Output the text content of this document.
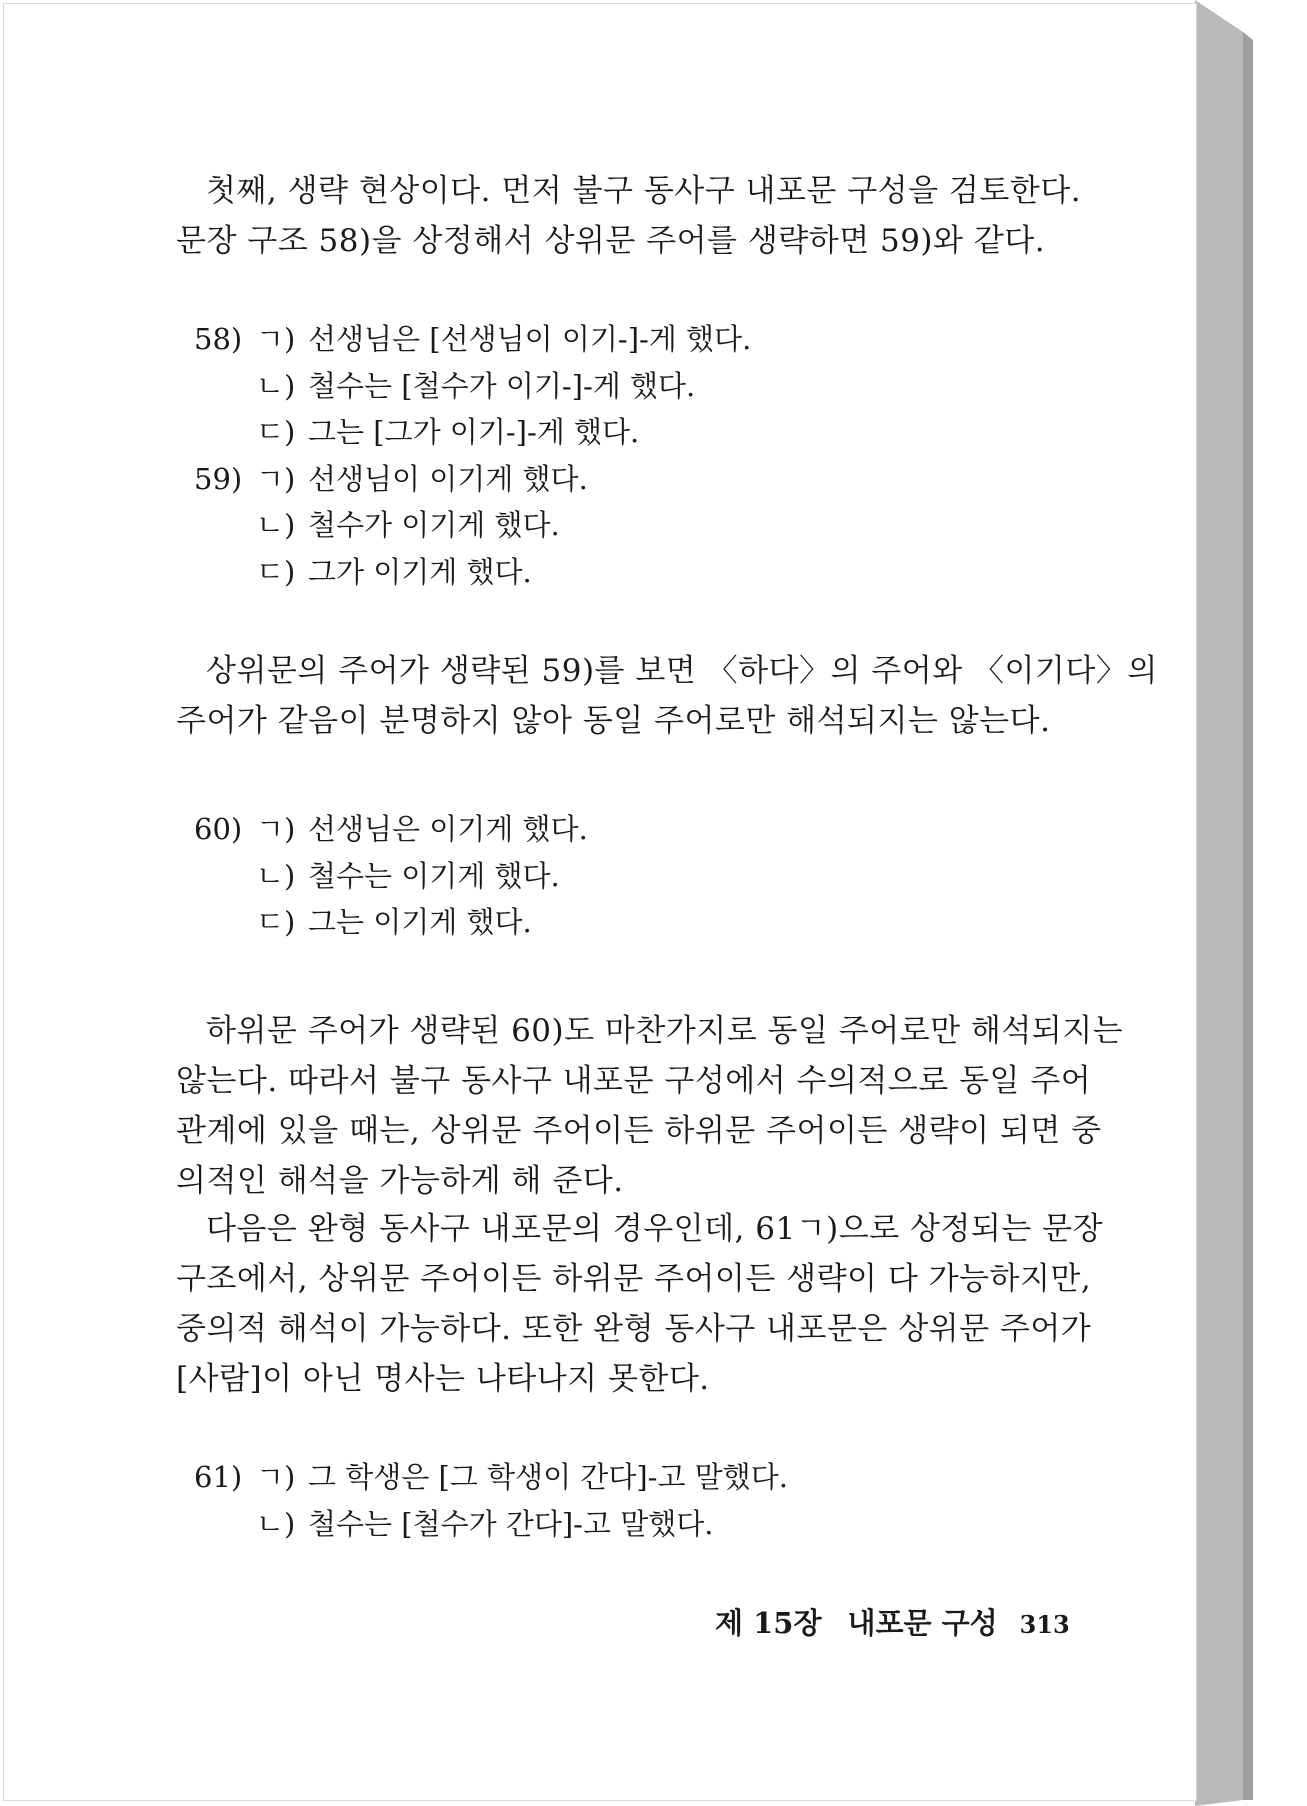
첫째, 생략 현상이다. 먼저 불구 동사구 내포문 구성을 검토한다.
문장 구조 58)을 상정해서 상위문 주어를 생략하면 59)와 같다.

58) ㄱ) 선생님은 [선생님이 이기-]-게 했다.
ㄴ) 철수는 [철수가 이기-]-게 했다.
ㄷ) 그는 [그가 이기-]-게 했다.
59) ㄱ) 선생님이 이기게 했다.
ㄴ) 철수가 이기게 했다.
ㄷ) 그가 이기게 했다.

상위문의 주어가 생략된 59)를 보면 〈하다〉의 주어와 〈이기다〉의
주어가 같음이 분명하지 않아 동일 주어로만 해석되지는 않는다.

60) ㄱ) 선생님은 이기게 했다.
ㄴ) 철수는 이기게 했다.
ㄷ) 그는 이기게 했다.

하위문 주어가 생략된 60)도 마찬가지로 동일 주어로만 해석되지는
않는다. 따라서 불구 동사구 내포문 구성에서 수의적으로 동일 주어
관계에 있을 때는, 상위문 주어이든 하위문 주어이든 생략이 되면 중
의적인 해석을 가능하게 해 준다.

다음은 완형 동사구 내포문의 경우인데, 61ㄱ)으로 상정되는 문장
구조에서, 상위문 주어이든 하위문 주어이든 생략이 다 가능하지만,
중의적 해석이 가능하다. 또한 완형 동사구 내포문은 상위문 주어가
[사람]이 아닌 명사는 나타나지 못한다.

61) ㄱ) 그 학생은 [그 학생이 간다]-고 말했다.
ㄴ) 철수는 [철수가 간다]-고 말했다.
제 15장 내포문 구성 313
